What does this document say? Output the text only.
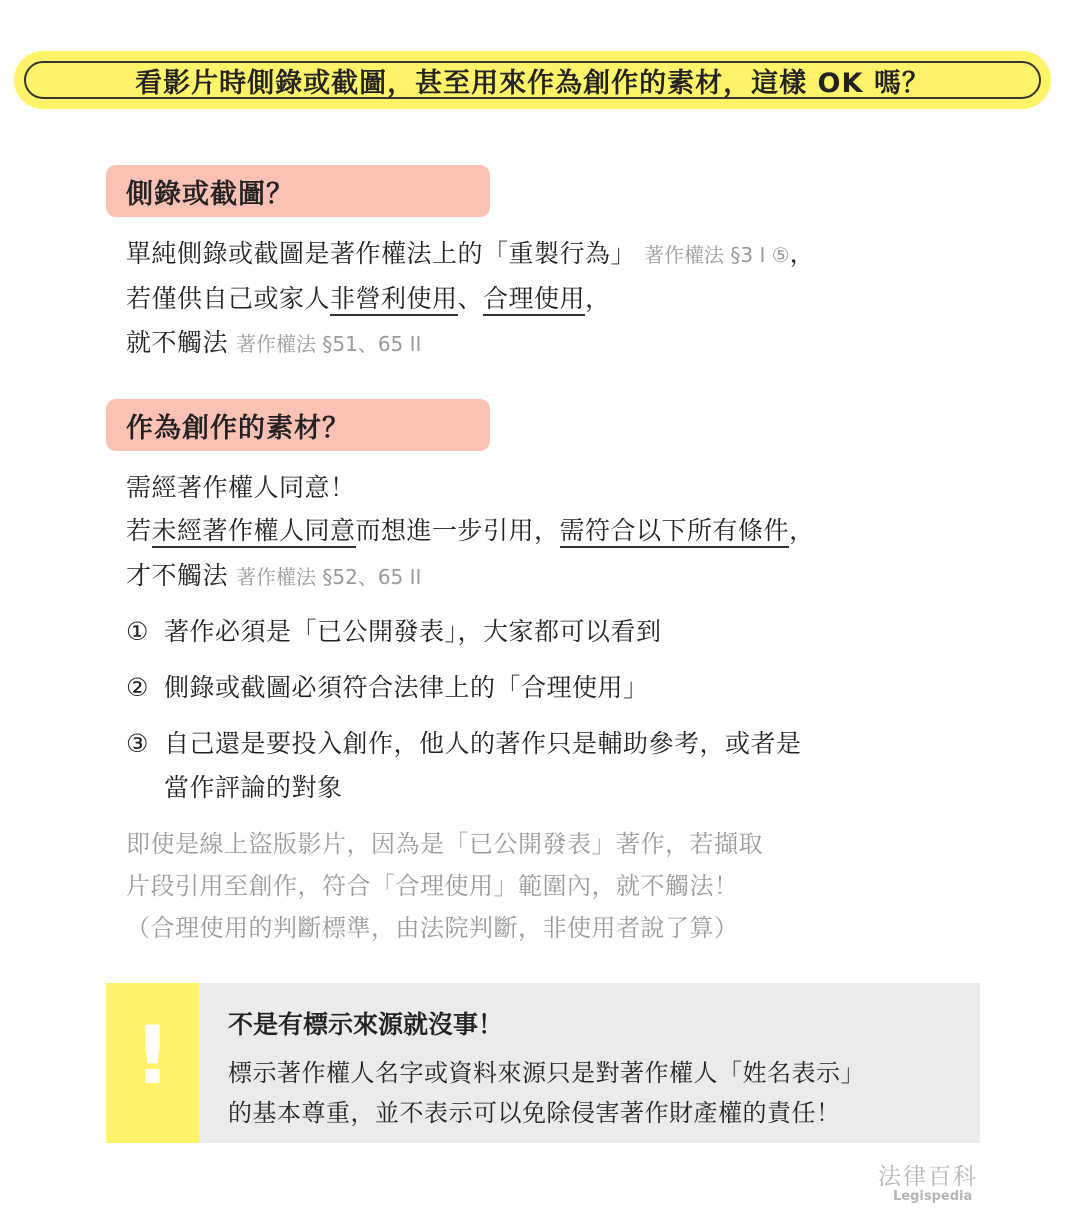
看影片時側錄或截圖，甚至用來作為創作的素材，這樣 OK 嗎？
側錄或截圖？
單純側錄或截圖是著作權法上的「重製行為」 著作權法 §3 I ⑤，
若僅供自己或家人非營利使用、合理使用，
就不觸法 著作權法 §51、65 II
作為創作的素材？
需經著作權人同意！
若未經著作權人同意而想進一步引用，需符合以下所有條件，
才不觸法 著作權法 §52、65 II
① 著作必須是「已公開發表」，大家都可以看到
② 側錄或截圖必須符合法律上的「合理使用」
③ 自己還是要投入創作，他人的著作只是輔助參考，或者是
當作評論的對象
即使是線上盜版影片，因為是「已公開發表」著作，若擷取
片段引用至創作，符合「合理使用」範圍內，就不觸法！
（合理使用的判斷標準，由法院判斷，非使用者說了算）
!	不是有標示來源就沒事！
標示著作權人名字或資料來源只是對著作權人「姓名表示」
的基本尊重，並不表示可以免除侵害著作財產權的責任！
法律百科
Legispedia
